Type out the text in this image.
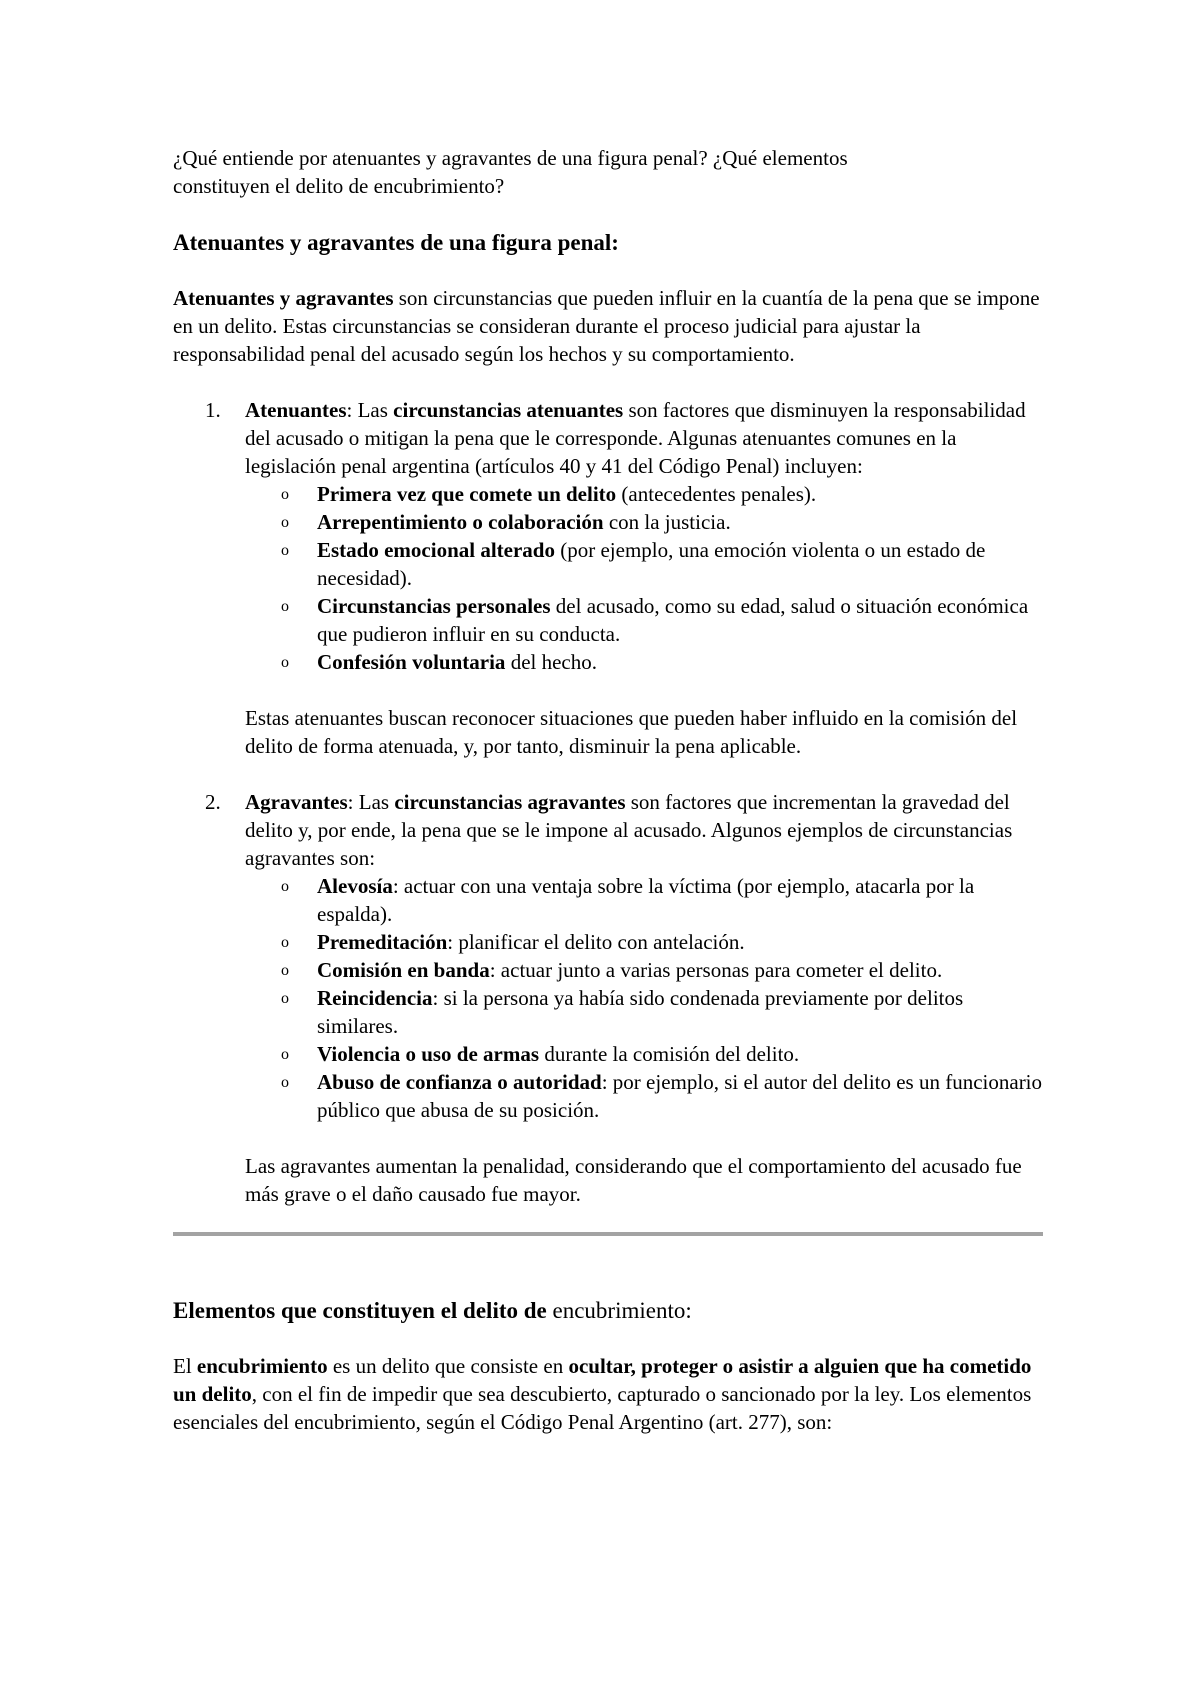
¿Qué entiende por atenuantes y agravantes de una figura penal? ¿Qué elementos
constituyen el delito de encubrimiento?

Atenuantes y agravantes de una figura penal:

Atenuantes y agravantes son circunstancias que pueden influir en la cuantía de la pena que se impone en un delito. Estas circunstancias se consideran durante el proceso judicial para ajustar la responsabilidad penal del acusado según los hechos y su comportamiento.

1. Atenuantes: Las circunstancias atenuantes son factores que disminuyen la responsabilidad del acusado o mitigan la pena que le corresponde. Algunas atenuantes comunes en la legislación penal argentina (artículos 40 y 41 del Código Penal) incluyen:

o Primera vez que comete un delito (antecedentes penales).
o Arrepentimiento o colaboración con la justicia.
o Estado emocional alterado (por ejemplo, una emoción violenta o un estado de necesidad).
o Circunstancias personales del acusado, como su edad, salud o situación económica que pudieron influir en su conducta.
o Confesión voluntaria del hecho.

Estas atenuantes buscan reconocer situaciones que pueden haber influido en la comisión del delito de forma atenuada, y, por tanto, disminuir la pena aplicable.

2. Agravantes: Las circunstancias agravantes son factores que incrementan la gravedad del delito y, por ende, la pena que se le impone al acusado. Algunos ejemplos de circunstancias agravantes son:

o Alevosía: actuar con una ventaja sobre la víctima (por ejemplo, atacarla por la espalda).
o Premeditación: planificar el delito con antelación.
o Comisión en banda: actuar junto a varias personas para cometer el delito.
o Reincidencia: si la persona ya había sido condenada previamente por delitos similares.
o Violencia o uso de armas durante la comisión del delito.
o Abuso de confianza o autoridad: por ejemplo, si el autor del delito es un funcionario público que abusa de su posición.

Las agravantes aumentan la penalidad, considerando que el comportamiento del acusado fue más grave o el daño causado fue mayor.

Elementos que constituyen el delito de encubrimiento:

El encubrimiento es un delito que consiste en ocultar, proteger o asistir a alguien que ha cometido un delito, con el fin de impedir que sea descubierto, capturado o sancionado por la ley. Los elementos esenciales del encubrimiento, según el Código Penal Argentino (art. 277), son:
